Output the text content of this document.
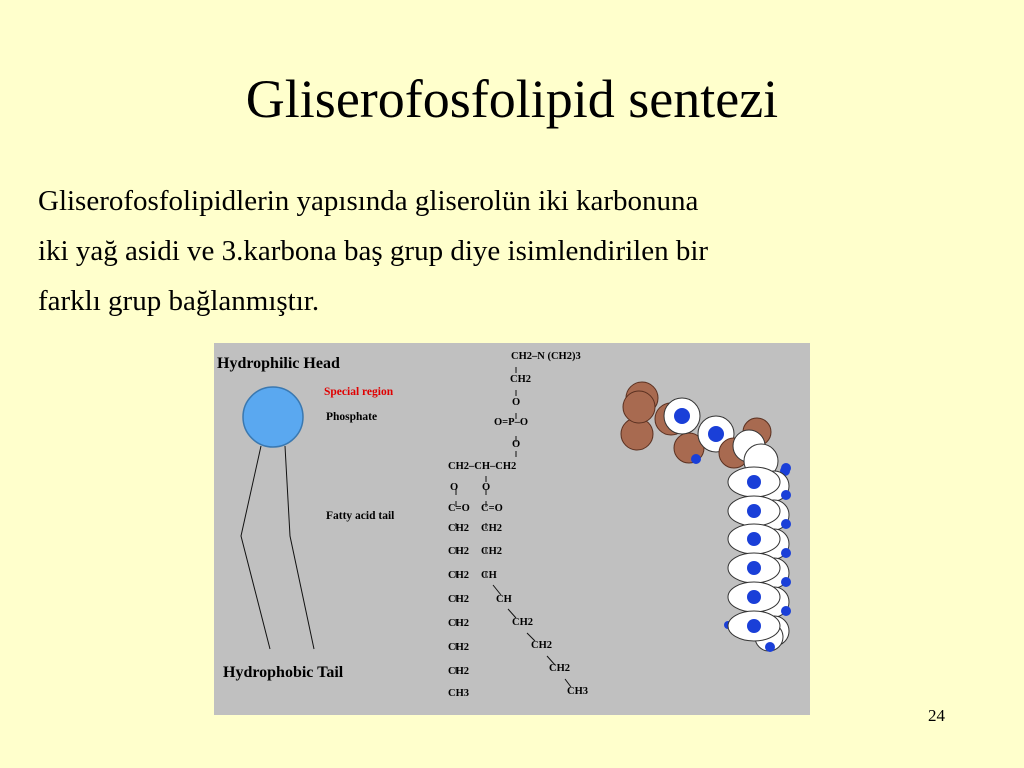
Gliserofosfolipid sentezi
Gliserofosfolipidlerin yapısında gliserolün iki karbonuna
iki yağ asidi ve 3.karbona baş grup diye isimlendirilen bir
farklı grup bağlanmıştır.
Hydrophilic Head
Special region
Phosphate
Fatty acid tail
Hydrophobic Tail
CH2–N (CH2)3
CH2
O
O=P–O
O
CH2–CH–CH2
O
C=O
CH2
CH2
CH2
CH2
CH2
CH2
CH2
CH3
O
C=O
CH2
CH2
CH
CH
CH2
CH2
CH2
CH3
24
